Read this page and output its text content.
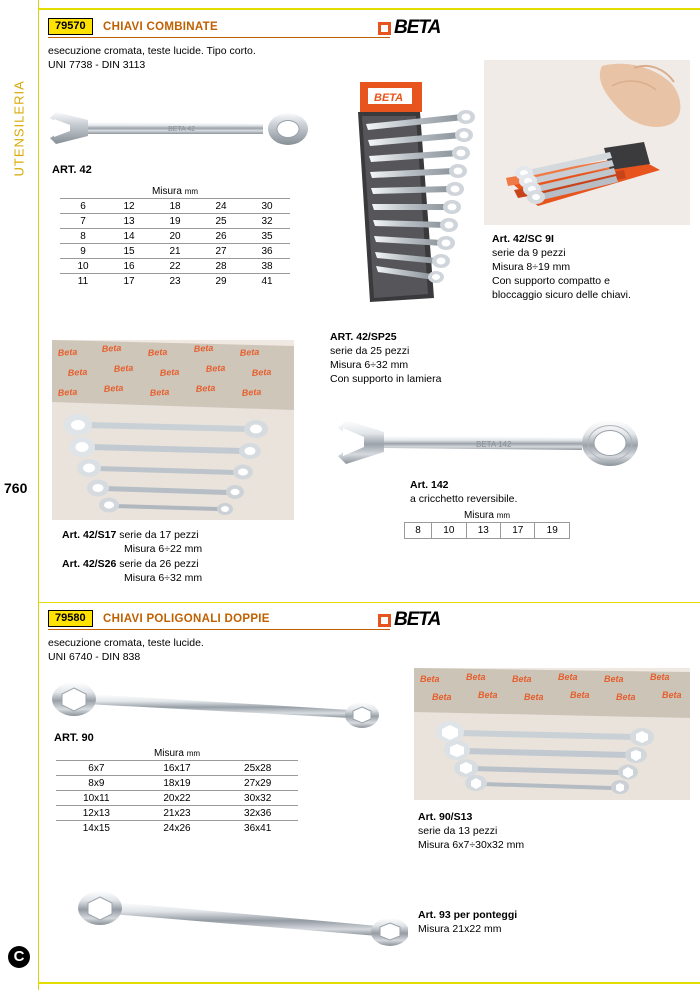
UTENSILERIA
760
C
79570 CHIAVI COMBINATE	BETA
esecuzione cromata, teste lucide. Tipo corto.
UNI 7738 - DIN 3113
BETA 42
ART. 42
Misura mm
6	12	18	24	30
7	13	19	25	32
8	14	20	26	35
9	15	21	27	36
10	16	22	28	38
11	17	23	29	41
BETA
ART. 42/SP25
serie da 25 pezzi
Misura 6÷32 mm
Con supporto in lamiera
Art. 42/SC 9I
serie da 9 pezzi
Misura 8÷19 mm
Con supporto compatto e
bloccaggio sicuro delle chiavi.
Beta	Beta	Beta	Beta	Beta
Beta	Beta	Beta	Beta	Beta
Beta	Beta	Beta	Beta	Beta
Art. 42/S17 serie da 17 pezzi
Misura 6÷22 mm
Art. 42/S26 serie da 26 pezzi
Misura 6÷32 mm
BETA 142
Art. 142
a cricchetto reversibile.
Misura mm
8	10	13	17	19
79580 CHIAVI POLIGONALI DOPPIE	BETA
esecuzione cromata, teste lucide.
UNI 6740 - DIN 838
ART. 90
Misura mm
6x7	16x17	25x28
8x9	18x19	27x29
10x11	20x22	30x32
12x13	21x23	32x36
14x15	24x26	36x41
Beta	Beta	Beta	Beta	Beta	Beta
Beta	Beta	Beta	Beta	Beta	Beta
Art. 90/S13
serie da 13 pezzi
Misura 6x7÷30x32 mm
Art. 93 per ponteggi
Misura 21x22 mm
